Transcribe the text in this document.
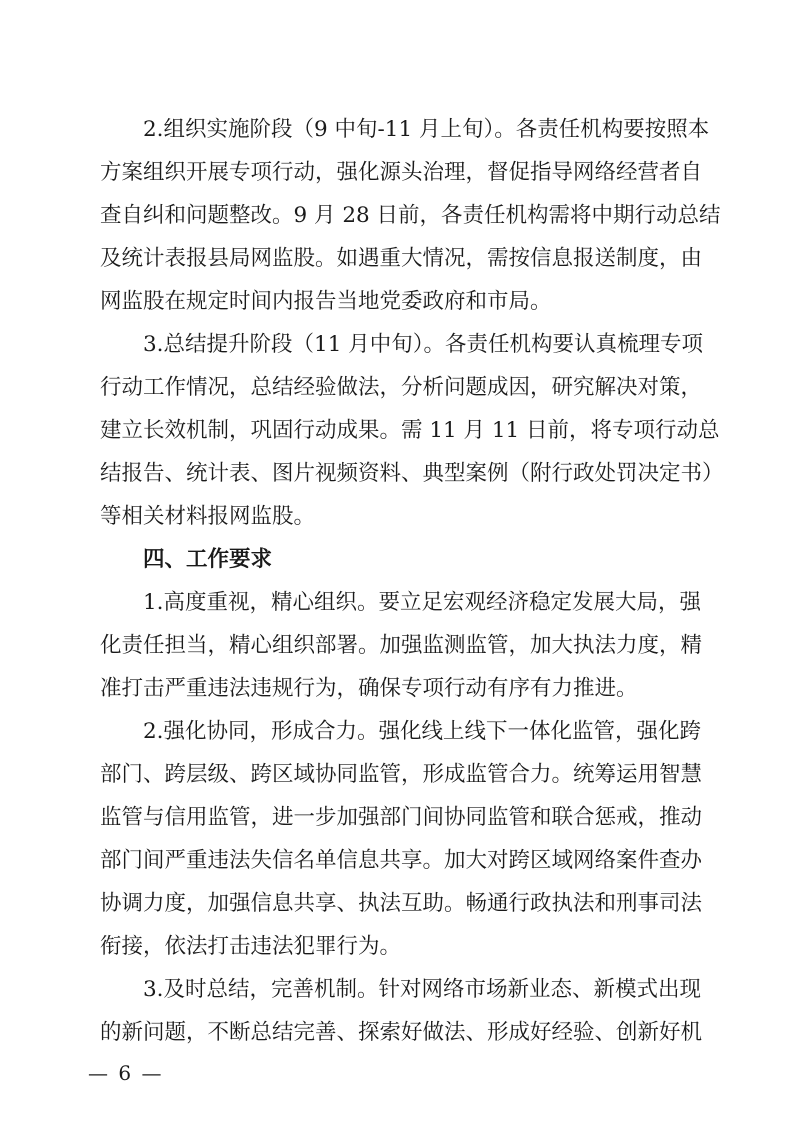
2.组织实施阶段（9 中旬-11 月上旬）。各责任机构要按照本
方案组织开展专项行动，强化源头治理，督促指导网络经营者自
查自纠和问题整改。9 月 28 日前，各责任机构需将中期行动总结
及统计表报县局网监股。如遇重大情况，需按信息报送制度，由
网监股在规定时间内报告当地党委政府和市局。
3.总结提升阶段（11 月中旬）。各责任机构要认真梳理专项
行动工作情况，总结经验做法，分析问题成因，研究解决对策，
建立长效机制，巩固行动成果。需 11 月 11 日前，将专项行动总
结报告、统计表、图片视频资料、典型案例（附行政处罚决定书）
等相关材料报网监股。
四、工作要求
1.高度重视，精心组织。要立足宏观经济稳定发展大局，强
化责任担当，精心组织部署。加强监测监管，加大执法力度，精
准打击严重违法违规行为，确保专项行动有序有力推进。
2.强化协同，形成合力。强化线上线下一体化监管，强化跨
部门、跨层级、跨区域协同监管，形成监管合力。统筹运用智慧
监管与信用监管，进一步加强部门间协同监管和联合惩戒，推动
部门间严重违法失信名单信息共享。加大对跨区域网络案件查办
协调力度，加强信息共享、执法互助。畅通行政执法和刑事司法
衔接，依法打击违法犯罪行为。
3.及时总结，完善机制。针对网络市场新业态、新模式出现
的新问题，不断总结完善、探索好做法、形成好经验、创新好机
— 6 —
